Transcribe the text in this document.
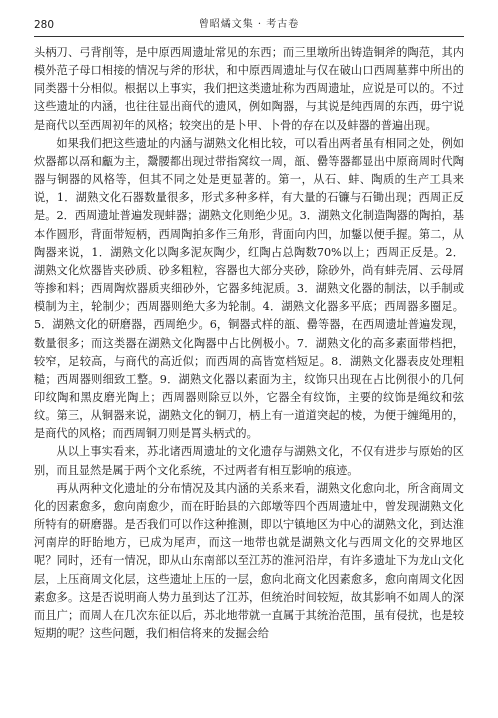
280	曾昭燏文集 · 考古卷

头柄刀、弓背削等，是中原西周遗址常见的东西；而三里墩所出铸造铜斧的陶范，其内模外范子母口相接的情况与斧的形状，和中原西周遗址与仅在破山口西周墓葬中所出的同类器十分相似。根据以上事实，我们把这类遗址称为西周遗址，应说是可以的。不过这些遗址的内涵，也往往显出商代的遗风，例如陶器，与其说是纯西周的东西，毋宁说是商代以至西周初年的风格；较突出的是卜甲、卜骨的存在以及蚌器的普遍出现。

如果我们把这些遗址的内涵与湖熟文化相比较，可以看出两者虽有相同之处，例如炊器都以鬲和甗为主，鬶腰都出现过带指窝纹一周，瓿、罍等器都显出中原商周时代陶器与铜器的风格等，但其不同之处是更显著的。第一，从石、蚌、陶质的生产工具来说，1．湖熟文化石器数量很多，形式多种多样，有大量的石镰与石锄出现；西周正反是。2．西周遗址普遍发现蚌器；湖熟文化则绝少见。3．湖熟文化制造陶器的陶拍，基本作圆形，背面带短柄，西周陶拍多作三角形，背面向内凹，加鋬以便手握。第二，从陶器来说，1．湖熟文化以陶多泥灰陶少，红陶占总陶数70%以上；西周正反是。2．湖熟文化炊器皆夹砂质、砂多粗粒，容器也大部分夹砂，除砂外，尚有蚌壳屑、云母屑等掺和料；西周陶炊器质夹细砂外，它器多纯泥质。3．湖熟文化器的制法，以手制或模制为主，轮制少；西周器则绝大多为轮制。4．湖熟文化器多平底；西周器多圈足。5．湖熟文化的研磨器，西周绝少。6，铜器式样的瓿、罍等器，在西周遗址普遍发现，数量很多；而这类器在湖熟文化陶器中占比例极小。7．湖熟文化的高多素面带档把，较窄，足较高，与商代的高近似；而西周的高皆宽档短足。8．湖熟文化器表皮处理粗糙；西周器则细致工整。9．湖熟文化器以素面为主，纹饰只出现在占比例很小的几何印纹陶和黑皮磨光陶上；西周器则除豆以外，它器全有纹饰，主要的纹饰是绳纹和弦纹。第三，从铜器来说，湖熟文化的铜刀，柄上有一道道突起的棱，为便于缠绳用的，是商代的风格；而西周铜刀则是罥头柄式的。

从以上事实看来，苏北诸西周遗址的文化遗存与湖熟文化，不仅有进步与原始的区别，而且显然是属于两个文化系统，不过两者有相互影响的痕迹。

再从两种文化遗址的分布情况及其内涵的关系来看，湖熟文化愈向北，所含商周文化的因素愈多，愈向南愈少，而在盱眙县的六郎墩等四个西周遗址中，曾发现湖熟文化所特有的研磨器。是否我们可以作这种推测，即以宁镇地区为中心的湖熟文化，到达淮河南岸的盱眙地方，已成为尾声，而这一地带也就是湖熟文化与西周文化的交界地区呢？同时，还有一情况，即从山东南部以至江苏的淮河沿岸，有许多遗址下为龙山文化层，上压商周文化层，这些遗址上压的一层，愈向北商文化因素愈多，愈向南周文化因素愈多。这是否说明商人势力虽到达了江苏，但统治时间较短，故其影响不如周人的深而且广；而周人在几次东征以后，苏北地带就一直属于其统治范围，虽有侵扰，也是较短期的呢？这些问题，我们相信将来的发掘会给
